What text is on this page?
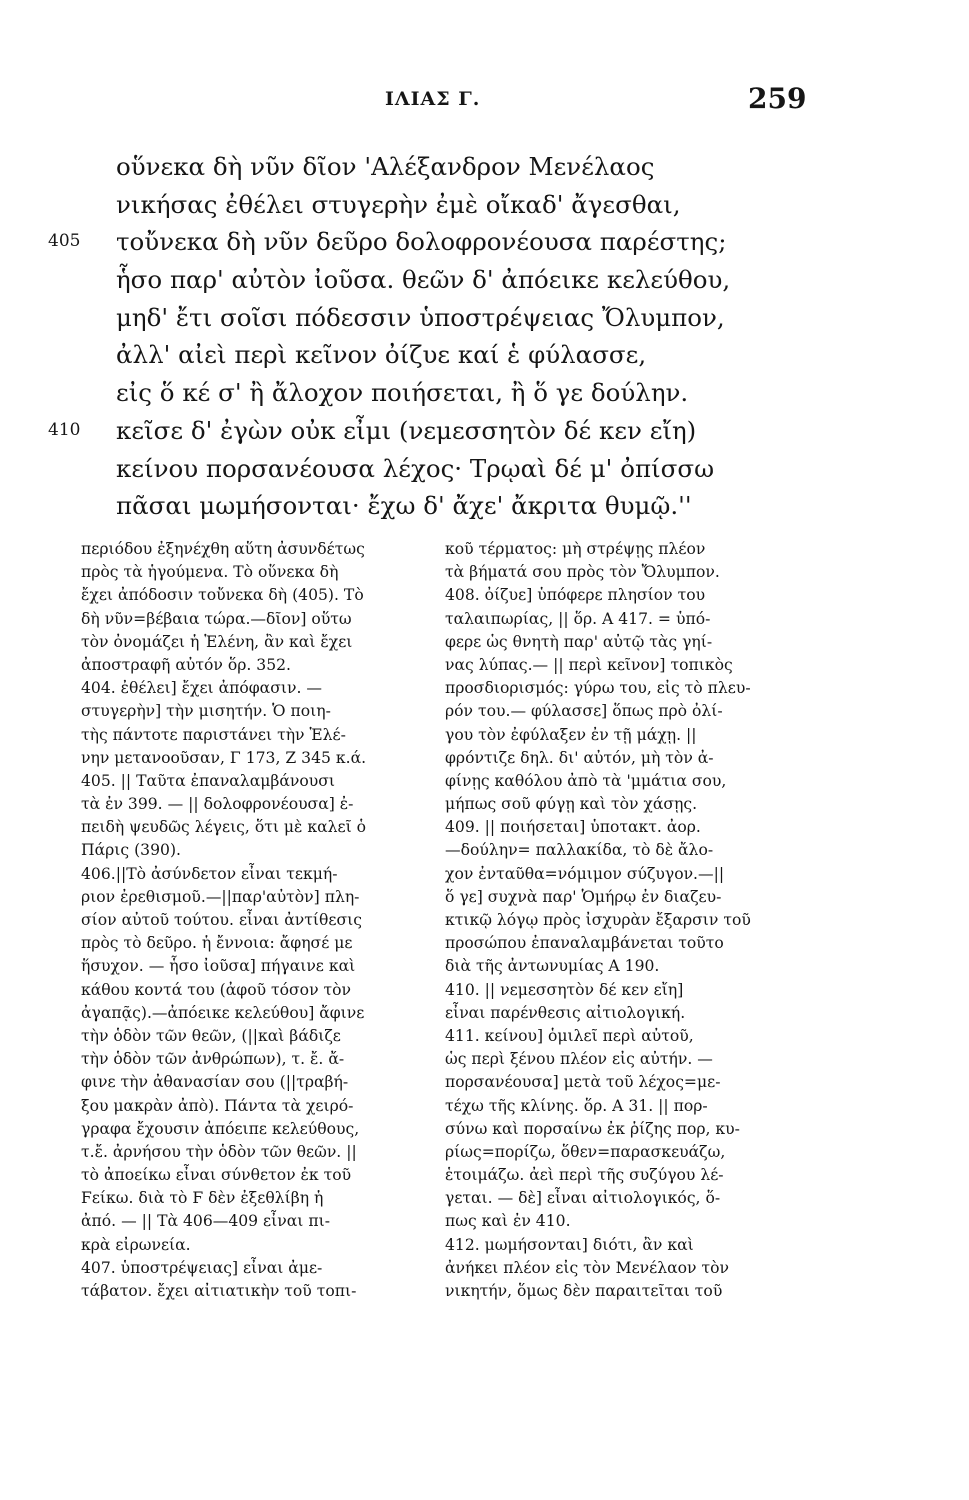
ΙΛΙΑΣ Γ.	259
οὕνεκα δὴ νῦν δῖον 'Αλέξανδρον Μενέλαος
νικήσας ἐθέλει στυγερὴν ἐμὲ οἴκαδ' ἄγεσθαι,
405	τοὔνεκα δὴ νῦν δεῦρο δολοφρονέουσα παρέστης;
ἧσο παρ' αὐτὸν ἰοῦσα. θεῶν δ' ἀπόεικε κελεύθου,
μηδ' ἔτι σοῖσι πόδεσσιν ὑποστρέψειας Ὄλυμπον,
ἀλλ' αἰεὶ περὶ κεῖνον ὀίζυε καί ἑ φύλασσε,
εἰς ὅ κέ σ' ἢ ἄλοχον ποιήσεται, ἢ ὅ γε δούλην.
410	κεῖσε δ' ἐγὼν οὐκ εἶμι (νεμεσσητὸν δέ κεν εἴη)
κείνου πορσανέουσα λέχος· Τρῳαὶ δέ μ' ὀπίσσω
πᾶσαι μωμήσονται· ἔχω δ' ἄχε' ἄκριτα θυμῷ.''
περιόδου ἐξηνέχθη αὕτη ἀσυνδέτως
πρὸς τὰ ἡγούμενα. Τὸ οὕνεκα δὴ
ἔχει ἀπόδοσιν τοὔνεκα δὴ (405). Τὸ
δὴ νῦν=βέβαια τώρα.—δῖον] οὕτω
τὸν ὀνομάζει ἡ Ἑλένη, ἂν καὶ ἔχει
ἀποστραφῆ αὐτόν ὅρ. 352.
404. ἐθέλει] ἔχει ἀπόφασιν. —
στυγερὴν] τὴν μισητήν. Ὁ ποιη-
τὴς πάντοτε παριστάνει τὴν Ἑλέ-
νην μετανοοῦσαν, Γ 173, Ζ 345 κ.ά.
405. || Ταῦτα ἐπαναλαμβάνουσι
τὰ ἐν 399. — || δολοφρονέουσα] ἐ-
πειδὴ ψευδῶς λέγεις, ὅτι μὲ καλεῖ ὁ
Πάρις (390).
406.||Τὸ ἀσύνδετον εἶναι τεκμή-
ριον ἐρεθισμοῦ.—||παρ'αὐτὸν] πλη-
σίον αὐτοῦ τούτου. εἶναι ἀντίθεσις
πρὸς τὸ δεῦρο. ἡ ἔννοια: ἄφησέ με
ἥσυχον. — ἧσο ἰοῦσα] πήγαινε καὶ
κάθου κοντά του (ἀφοῦ τόσον τὸν
ἀγαπᾷς).—ἀπόεικε κελεύθου] ἄφινε
τὴν ὁδὸν τῶν θεῶν, (||καὶ βάδιζε
τὴν ὁδὸν τῶν ἀνθρώπων), τ. ἔ. ἄ-
φινε τὴν ἀθανασίαν σου (||τραβή-
ξου μακρὰν ἀπὸ). Πάντα τὰ χειρό-
γραφα ἔχουσιν ἀπόειπε κελεύθους,
τ.ἔ. ἀρνήσου τὴν ὁδὸν τῶν θεῶν. ||
τὸ ἀποείκω εἶναι σύνθετον ἐκ τοῦ
Ϝείκω. διὰ τὸ Ϝ δὲν ἐξεθλίβη ἡ
ἀπό. — || Τὰ 406—409 εἶναι πι-
κρὰ εἰρωνεία.
407. ὑποστρέψειας] εἶναι ἀμε-
τάβατον. ἔχει αἰτιατικὴν τοῦ τοπι-
κοῦ τέρματος: μὴ στρέψῃς πλέον
τὰ βήματά σου πρὸς τὸν Ὄλυμπον.
408. ὀίζυε] ὑπόφερε πλησίον του
ταλαιπωρίας, || ὅρ. Α 417. = ὑπό-
φερε ὡς θνητὴ παρ' αὐτῷ τὰς γηί-
νας λύπας.— || περὶ κεῖνον] τοπικὸς
προσδιορισμός: γύρω του, εἰς τὸ πλευ-
ρόν του.— φύλασσε] ὅπως πρὸ ὀλί-
γου τὸν ἐφύλαξεν ἐν τῇ μάχῃ. ||
φρόντιζε δηλ. δι' αὐτόν, μὴ τὸν ἀ-
φίνῃς καθόλου ἀπὸ τὰ 'μμάτια σου,
μήπως σοῦ φύγῃ καὶ τὸν χάσῃς.
409. || ποιήσεται] ὑποτακτ. ἀορ.
—δούλην= παλλακίδα, τὸ δὲ ἄλο-
χον ἐνταῦθα=νόμιμον σύζυγον.—||
ὅ γε] συχνὰ παρ' Ὁμήρῳ ἐν διαζευ-
κτικῷ λόγῳ πρὸς ἰσχυρὰν ἔξαρσιν τοῦ
προσώπου ἐπαναλαμβάνεται τοῦτο
διὰ τῆς ἀντωνυμίας Α 190.
410. || νεμεσσητὸν δέ κεν εἴη]
εἶναι παρένθεσις αἰτιολογική.
411. κείνου] ὁμιλεῖ περὶ αὐτοῦ,
ὡς περὶ ξένου πλέον εἰς αὐτήν. —
πορσανέουσα] μετὰ τοῦ λέχος=με-
τέχω τῆς κλίνης. ὅρ. Α 31. || πορ-
σύνω καὶ πορσαίνω ἐκ ῥίζης πορ, κυ-
ρίως=πορίζω, ὅθεν=παρασκευάζω,
ἑτοιμάζω. ἀεὶ περὶ τῆς συζύγου λέ-
γεται. — δὲ] εἶναι αἰτιολογικός, ὅ-
πως καὶ ἐν 410.
412. μωμήσονται] διότι, ἂν καὶ
ἀνήκει πλέον εἰς τὸν Μενέλαον τὸν
νικητήν, ὅμως δὲν παραιτεῖται τοῦ
